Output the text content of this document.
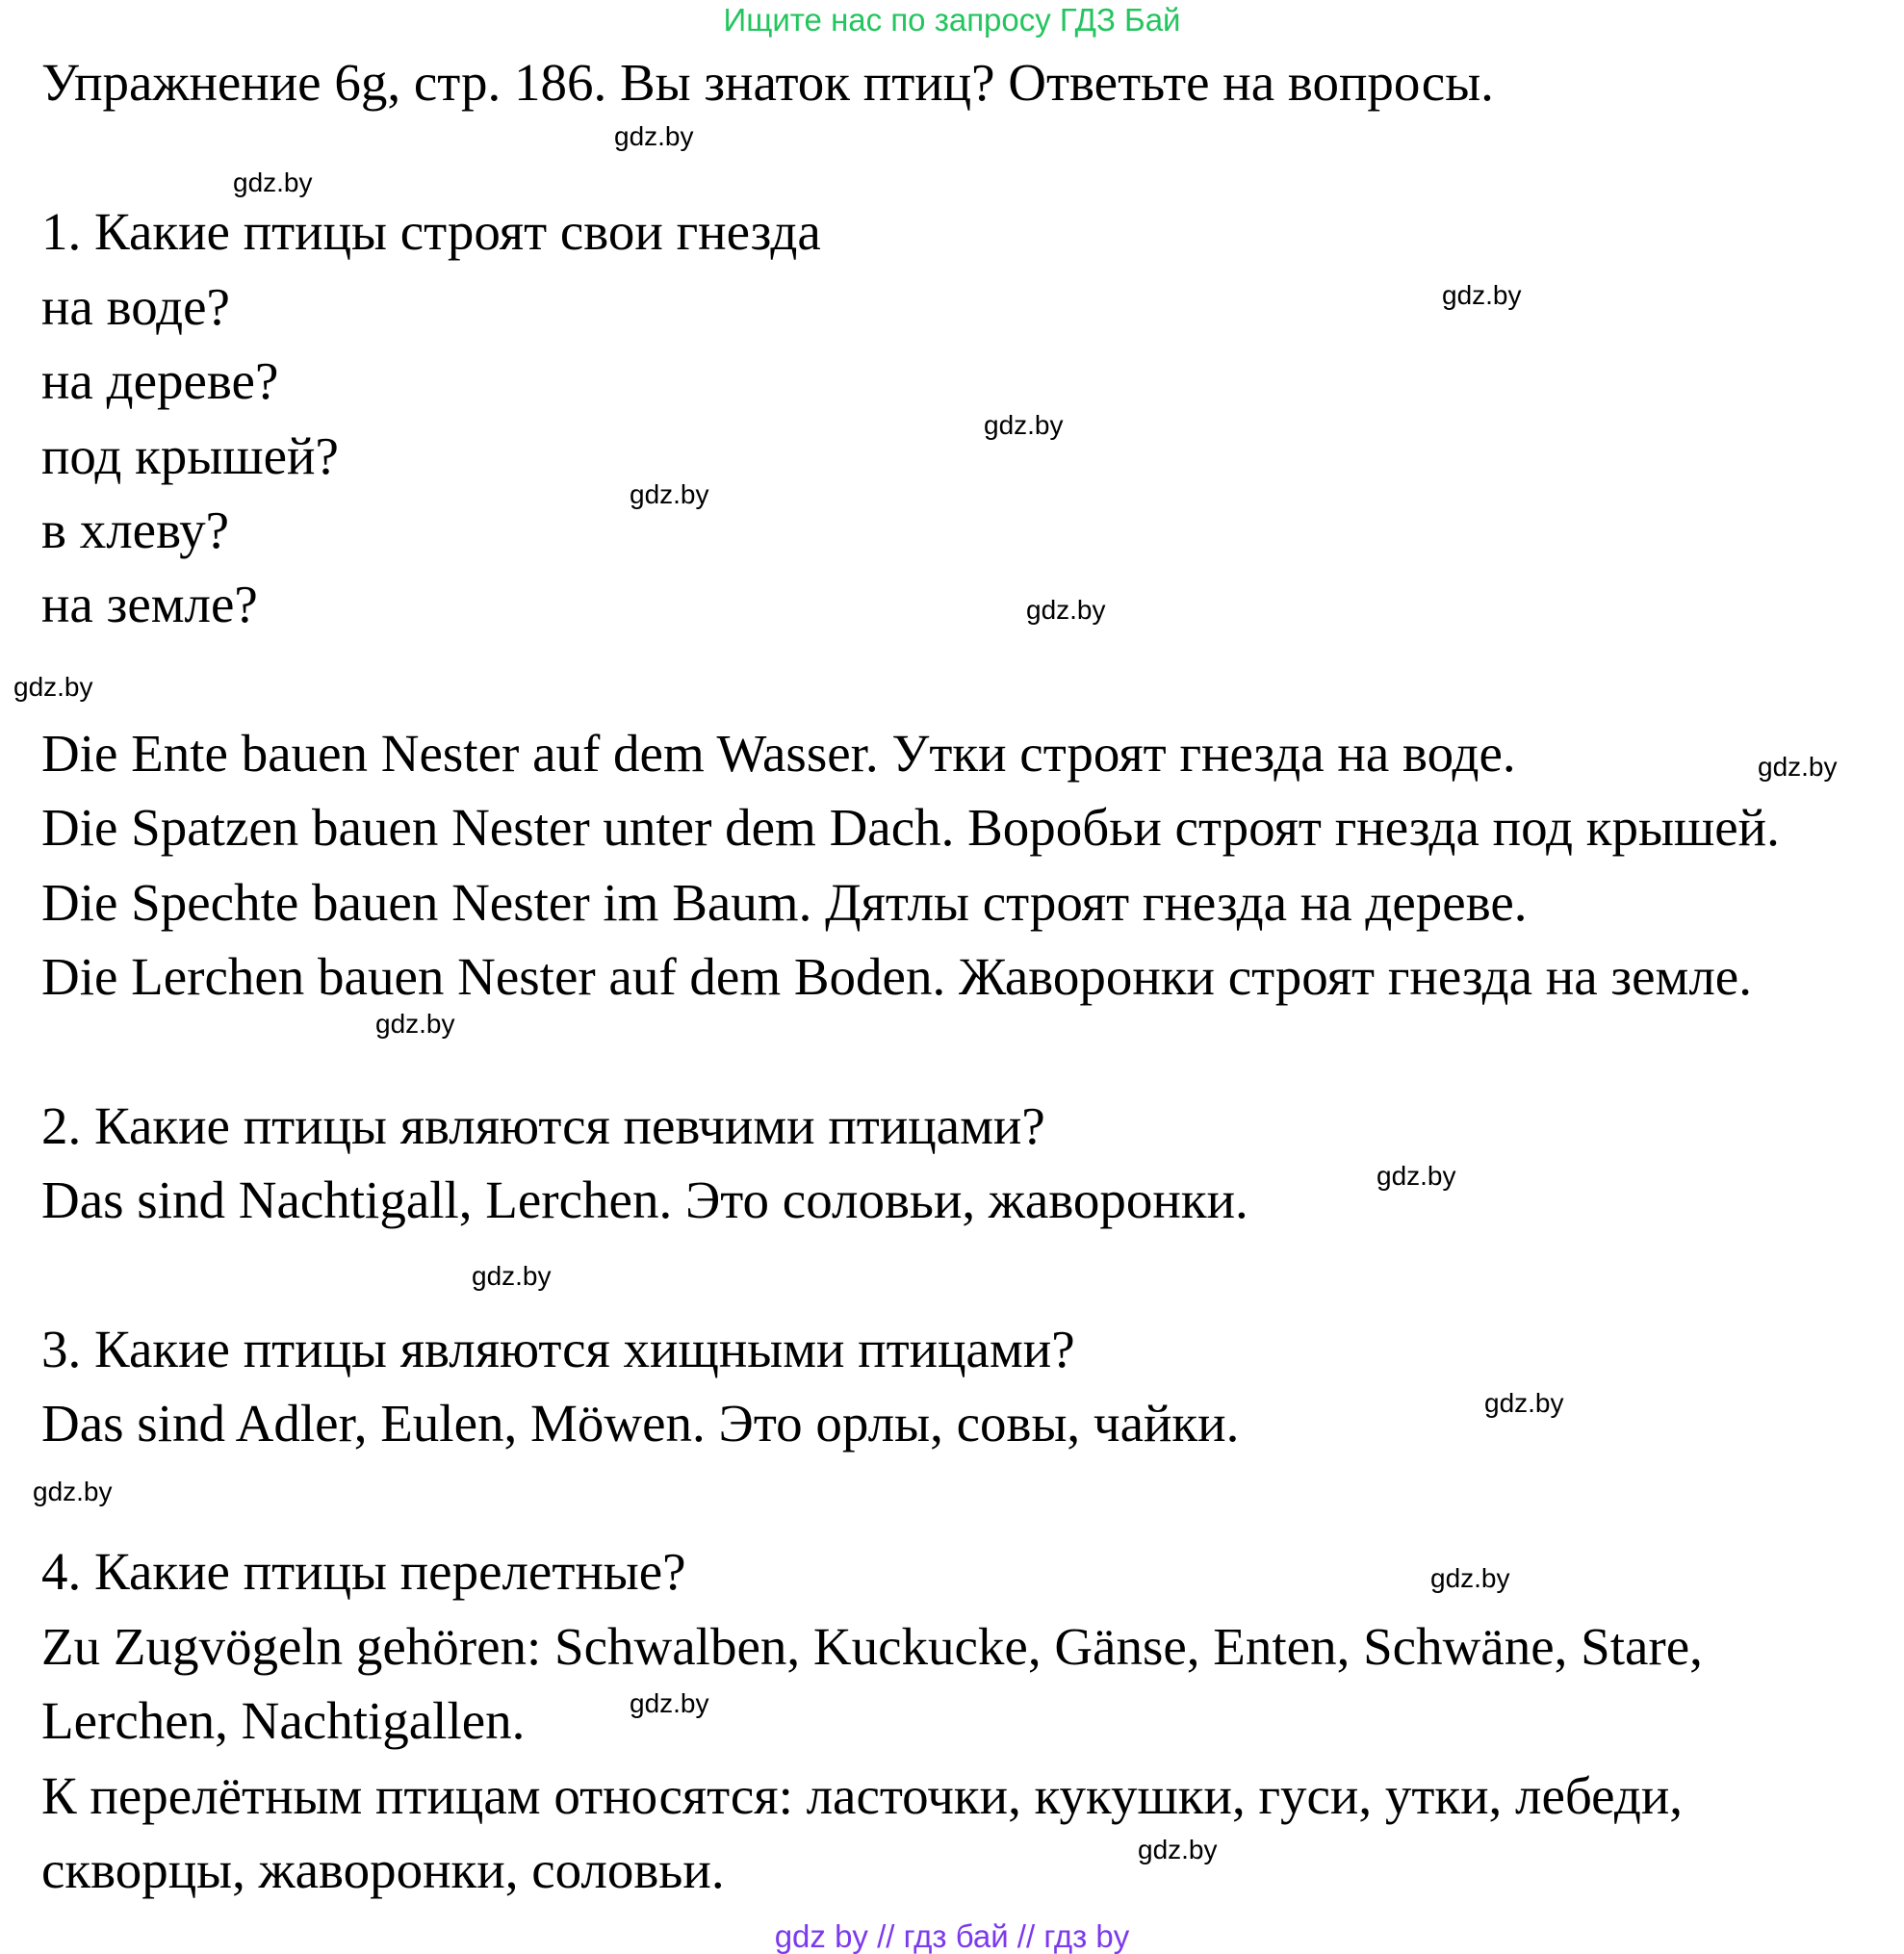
Ищите нас по запросу ГДЗ Бай
Упражнение 6g, стр. 186. Вы знаток птиц? Ответьте на вопросы.
1. Какие птицы строят свои гнезда
на воде?
на дереве?
под крышей?
в хлеву?
на земле?
Die Ente bauen Nester auf dem Wasser. Утки строят гнезда на воде.
Die Spatzen bauen Nester unter dem Dach. Воробьи строят гнезда под крышей.
Die Spechte bauen Nester im Baum. Дятлы строят гнезда на дереве.
Die Lerchen bauen Nester auf dem Boden. Жаворонки строят гнезда на земле.
2. Какие птицы являются певчими птицами?
Das sind Nachtigall, Lerchen. Это соловьи, жаворонки.
3. Какие птицы являются хищными птицами?
Das sind Adler, Eulen, Möwen. Это орлы, совы, чайки.
4. Какие птицы перелетные?
Zu Zugvögeln gehören: Schwalben, Kuckucke, Gänse, Enten, Schwäne, Stare,
Lerchen, Nachtigallen.
К перелётным птицам относятся: ласточки, кукушки, гуси, утки, лебеди,
скворцы, жаворонки, соловьи.
gdz.by
gdz.by
gdz.by
gdz.by
gdz.by
gdz.by
gdz.by
gdz.by
gdz.by
gdz.by
gdz.by
gdz.by
gdz.by
gdz.by
gdz.by
gdz.by
gdz by // гдз бай // гдз by
